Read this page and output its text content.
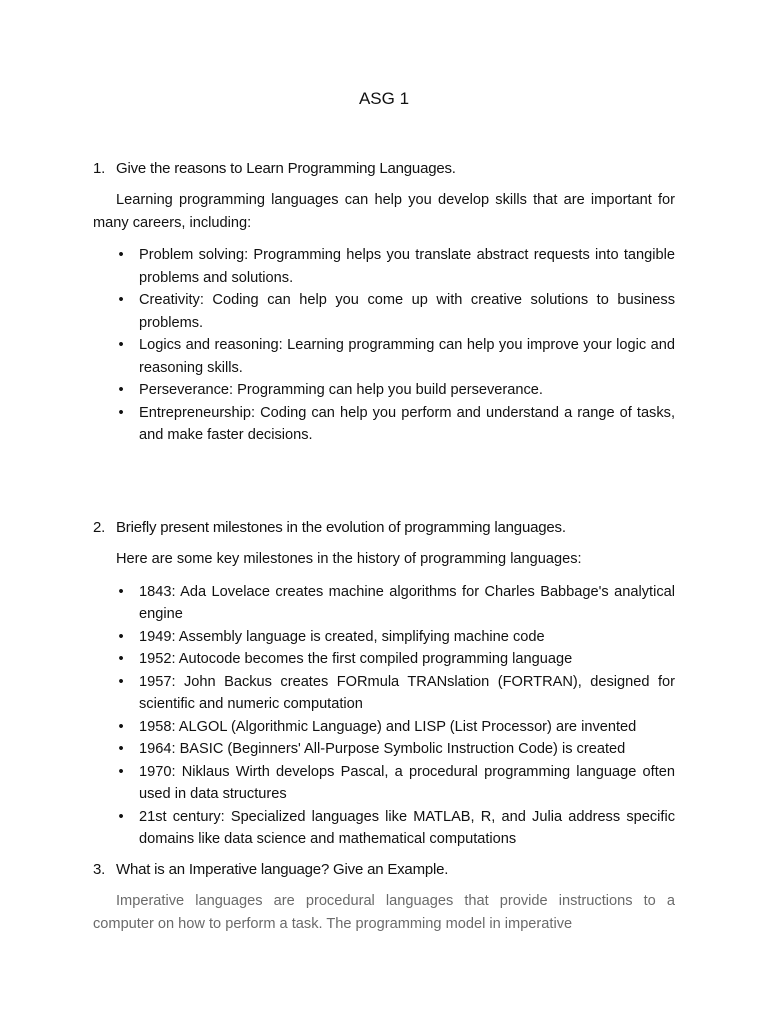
ASG 1
1. Give the reasons to Learn Programming Languages.

Learning programming languages can help you develop skills that are important for many careers, including:

• Problem solving: Programming helps you translate abstract requests into tangible problems and solutions.
• Creativity: Coding can help you come up with creative solutions to business problems.
• Logics and reasoning: Learning programming can help you improve your logic and reasoning skills.
• Perseverance: Programming can help you build perseverance.
• Entrepreneurship: Coding can help you perform and understand a range of tasks, and make faster decisions.
2. Briefly present milestones in the evolution of programming languages.

Here are some key milestones in the history of programming languages:

• 1843: Ada Lovelace creates machine algorithms for Charles Babbage's analytical engine
• 1949: Assembly language is created, simplifying machine code
• 1952: Autocode becomes the first compiled programming language
• 1957: John Backus creates FORmula TRANslation (FORTRAN), designed for scientific and numeric computation
• 1958: ALGOL (Algorithmic Language) and LISP (List Processor) are invented
• 1964: BASIC (Beginners' All-Purpose Symbolic Instruction Code) is created
• 1970: Niklaus Wirth develops Pascal, a procedural programming language often used in data structures
• 21st century: Specialized languages like MATLAB, R, and Julia address specific domains like data science and mathematical computations
3. What is an Imperative language? Give an Example.

Imperative languages are procedural languages that provide instructions to a computer on how to perform a task. The programming model in imperative
